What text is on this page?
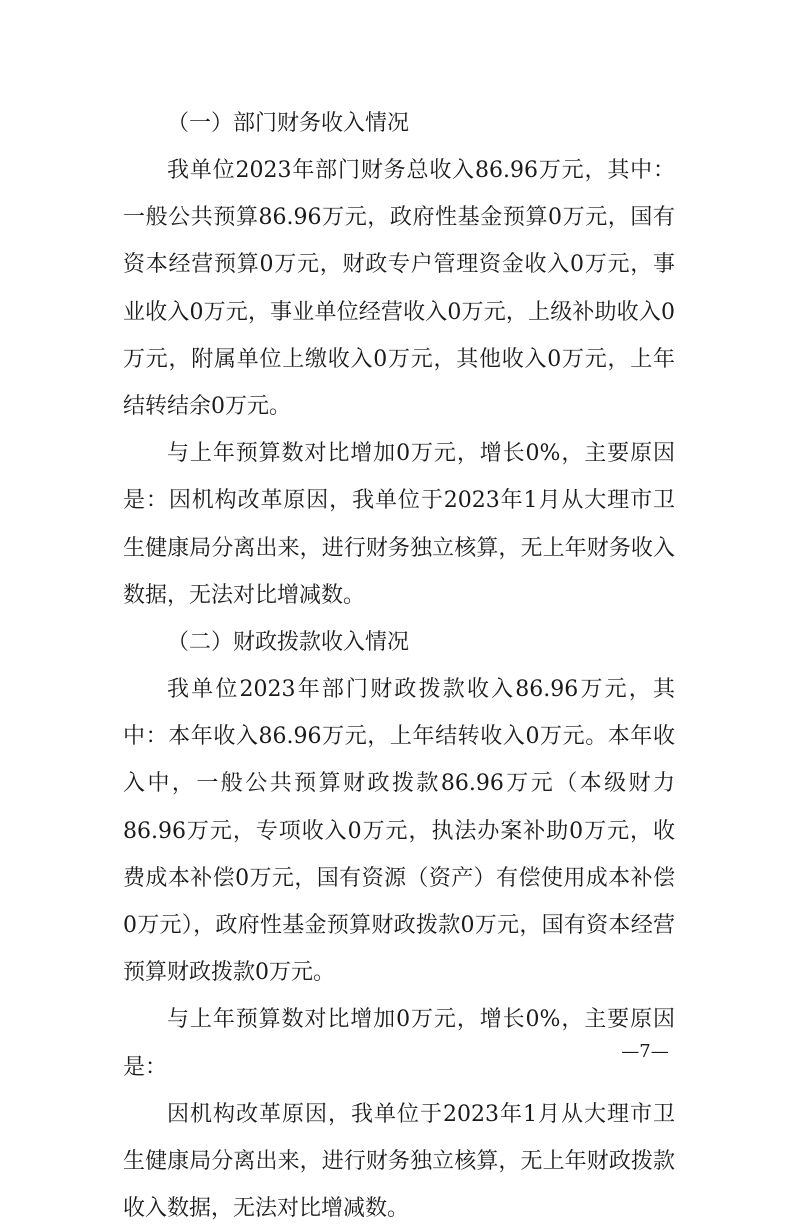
（一）部门财务收入情况

我单位2023年部门财务总收入86.96万元，其中：一般公共预算86.96万元，政府性基金预算0万元，国有资本经营预算0万元，财政专户管理资金收入0万元，事业收入0万元，事业单位经营收入0万元，上级补助收入0万元，附属单位上缴收入0万元，其他收入0万元，上年结转结余0万元。

与上年预算数对比增加0万元，增长0%，主要原因是：因机构改革原因，我单位于2023年1月从大理市卫生健康局分离出来，进行财务独立核算，无上年财务收入数据，无法对比增减数。

（二）财政拨款收入情况

我单位2023年部门财政拨款收入86.96万元，其中：本年收入86.96万元，上年结转收入0万元。本年收入中，一般公共预算财政拨款86.96万元（本级财力86.96万元，专项收入0万元，执法办案补助0万元，收费成本补偿0万元，国有资源（资产）有偿使用成本补偿0万元），政府性基金预算财政拨款0万元，国有资本经营预算财政拨款0万元。

与上年预算数对比增加0万元，增长0%，主要原因是：

因机构改革原因，我单位于2023年1月从大理市卫生健康局分离出来，进行财务独立核算，无上年财政拨款收入数据，无法对比增减数。

—7—
